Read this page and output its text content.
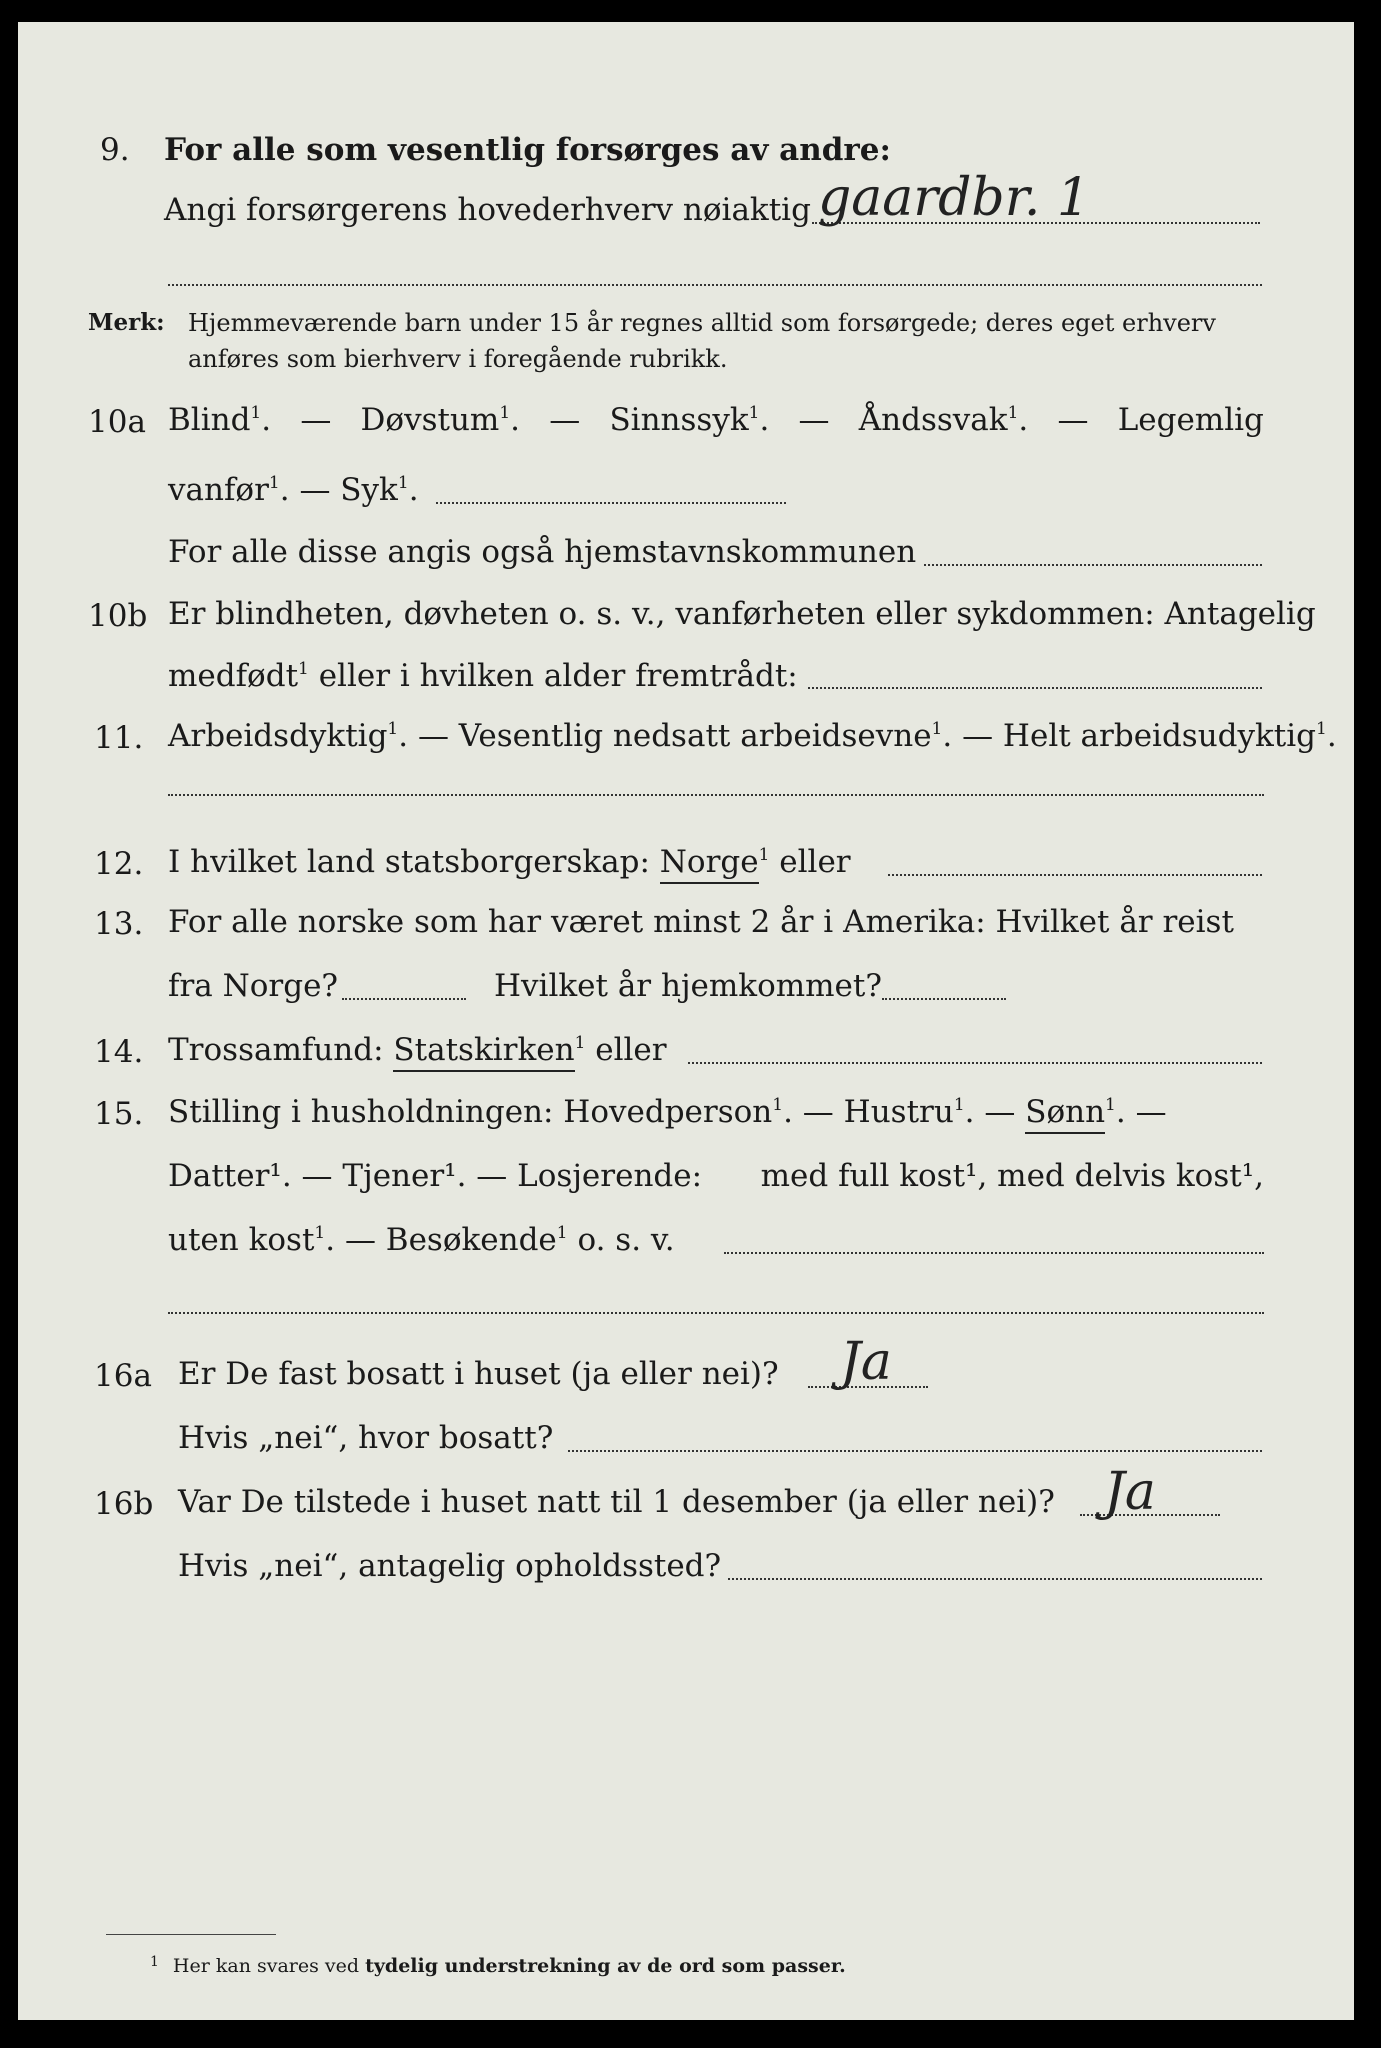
9. For alle som vesentlig forsørges av andre:
Angi forsørgerens hovederhverv nøiaktig gaardbr. 1
Merk: Hjemmeværende barn under 15 år regnes alltid som forsørgede; deres eget erhverv
anføres som bierhverv i foregående rubrikk.
10a Blind$^1$. — Døvstum$^1$. — Sinnssyk$^1$. — Åndssvak$^1$. — Legemlig
vanfør$^1$. — Syk$^1$.
For alle disse angis også hjemstavnskommunen
10b Er blindheten, døvheten o. s. v., vanførheten eller sykdommen: Antagelig
medfødt$^1$ eller i hvilken alder fremtrådt:
11. Arbeidsdyktig$^1$. — Vesentlig nedsatt arbeidsevne$^1$. — Helt arbeidsudyktig$^1$.
12. I hvilket land statsborgerskap: Norge$^1$ eller
13. For alle norske som har været minst 2 år i Amerika: Hvilket år reist
fra Norge?	Hvilket år hjemkommet?
14. Trossamfund: Statskirken$^1$ eller
15. Stilling i husholdningen: Hovedperson$^1$. — Hustru$^1$. — Sønn$^1$. —
Datter¹. — Tjener¹. — Losjerende: med full kost¹, med delvis kost¹,
uten kost$^1$. — Besøkende$^1$ o. s. v.
16a Er De fast bosatt i huset (ja eller nei)? Ja
Hvis „nei“, hvor bosatt?
16b Var De tilstede i huset natt til 1 desember (ja eller nei)? Ja
Hvis „nei“, antagelig opholdssted?
$^1$ Her kan svares ved tydelig understrekning av de ord som passer.
